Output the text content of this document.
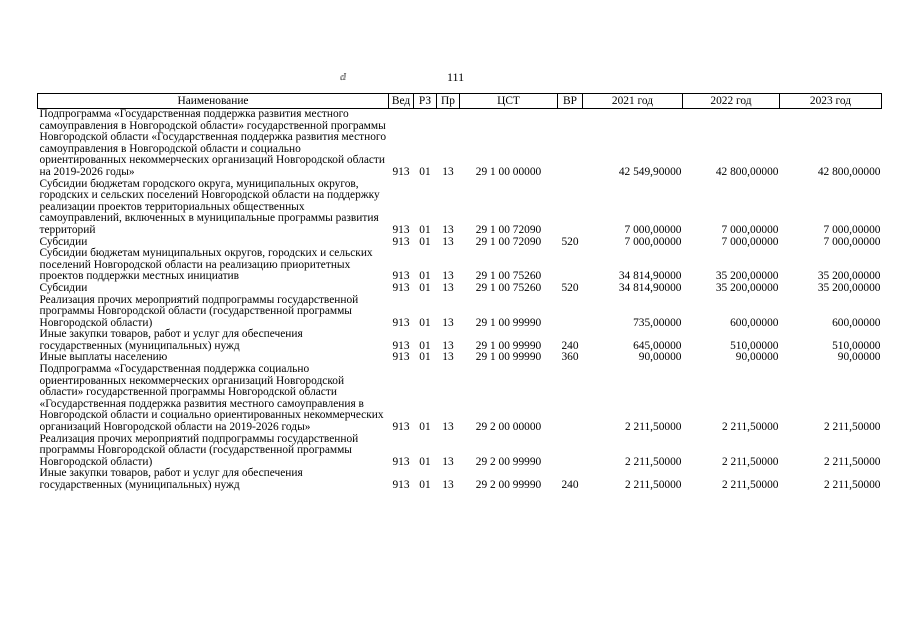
ⅆ	111
Наименование	Вед	РЗ	Пр	ЦСТ	ВР	2021 год	2022 год	2023 год
Подпрограмма «Государственная поддержка развития местного самоуправления в Новгородской области» государственной программы Новгородской области «Государственная поддержка развития местного самоуправления в Новгородской области и социально ориентированных некоммерческих организаций Новгородской области на 2019-2026 годы»	913	01	13	29 1 00 00000		42 549,90000	42 800,00000	42 800,00000
Субсидии бюджетам городского округа, муниципальных округов, городских и сельских поселений Новгородской области на поддержку реализации проектов территориальных общественных самоуправлений, включенных в муниципальные программы развития территорий	913	01	13	29 1 00 72090		7 000,00000	7 000,00000	7 000,00000
Субсидии	913	01	13	29 1 00 72090	520	7 000,00000	7 000,00000	7 000,00000
Субсидии бюджетам муниципальных округов, городских и сельских поселений Новгородской области на реализацию приоритетных проектов поддержки местных инициатив	913	01	13	29 1 00 75260		34 814,90000	35 200,00000	35 200,00000
Субсидии	913	01	13	29 1 00 75260	520	34 814,90000	35 200,00000	35 200,00000
Реализация прочих мероприятий подпрограммы государственной программы Новгородской области (государственной программы Новгородской области)	913	01	13	29 1 00 99990		735,00000	600,00000	600,00000
Иные закупки товаров, работ и услуг для обеспечения государственных (муниципальных) нужд	913	01	13	29 1 00 99990	240	645,00000	510,00000	510,00000
Иные выплаты населению	913	01	13	29 1 00 99990	360	90,00000	90,00000	90,00000
Подпрограмма «Государственная поддержка социально ориентированных некоммерческих организаций Новгородской области» государственной программы Новгородской области «Государственная поддержка развития местного самоуправления в Новгородской области и социально ориентированных некоммерческих организаций Новгородской области на 2019-2026 годы»	913	01	13	29 2 00 00000		2 211,50000	2 211,50000	2 211,50000
Реализация прочих мероприятий подпрограммы государственной программы Новгородской области (государственной программы Новгородской области)	913	01	13	29 2 00 99990		2 211,50000	2 211,50000	2 211,50000
Иные закупки товаров, работ и услуг для обеспечения государственных (муниципальных) нужд	913	01	13	29 2 00 99990	240	2 211,50000	2 211,50000	2 211,50000
